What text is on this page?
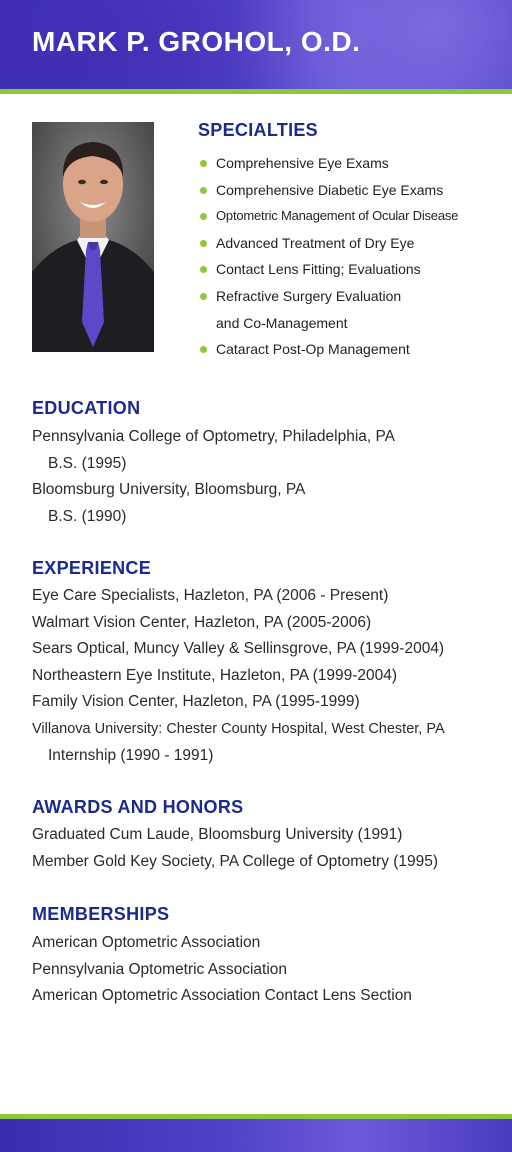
MARK P. GROHOL, O.D.
SPECIALTIES
Comprehensive Eye Exams
Comprehensive Diabetic Eye Exams
Optometric Management of Ocular Disease
Advanced Treatment of Dry Eye
Contact Lens Fitting; Evaluations
Refractive Surgery Evaluation
and Co-Management
Cataract Post-Op Management
EDUCATION
Pennsylvania College of Optometry, Philadelphia, PA
B.S. (1995)
Bloomsburg University, Bloomsburg, PA
B.S. (1990)
EXPERIENCE
Eye Care Specialists, Hazleton, PA (2006 - Present)
Walmart Vision Center, Hazleton, PA (2005-2006)
Sears Optical, Muncy Valley & Sellinsgrove, PA (1999-2004)
Northeastern Eye Institute, Hazleton, PA (1999-2004)
Family Vision Center, Hazleton, PA (1995-1999)
Villanova University: Chester County Hospital, West Chester, PA
Internship (1990 - 1991)
AWARDS AND HONORS
Graduated Cum Laude, Bloomsburg University (1991)
Member Gold Key Society, PA College of Optometry (1995)
MEMBERSHIPS
American Optometric Association
Pennsylvania Optometric Association
American Optometric Association Contact Lens Section
